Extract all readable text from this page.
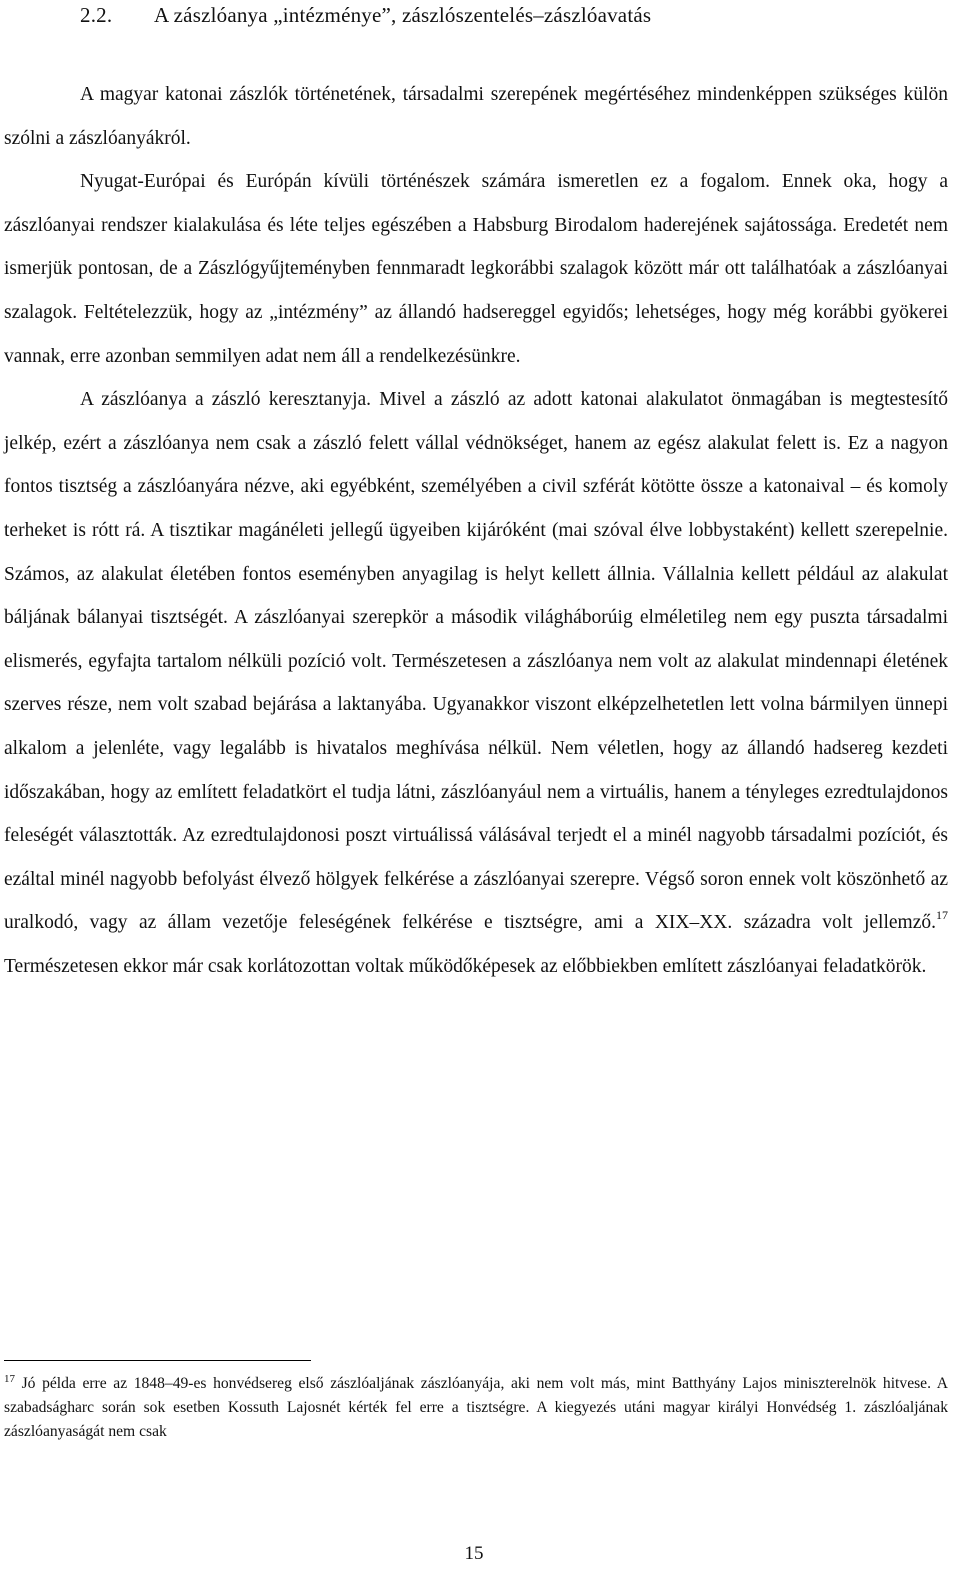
2.2. A zászlóanya „intézménye”, zászlószentelés–zászlóavatás

A magyar katonai zászlók történetének, társadalmi szerepének megértéséhez mindenképpen szükséges külön szólni a zászlóanyákról.

Nyugat-Európai és Európán kívüli történészek számára ismeretlen ez a fogalom. Ennek oka, hogy a zászlóanyai rendszer kialakulása és léte teljes egészében a Habsburg Birodalom haderejének sajátossága. Eredetét nem ismerjük pontosan, de a Zászlógyűjteményben fennmaradt legkorábbi szalagok között már ott találhatóak a zászlóanyai szalagok. Feltételezzük, hogy az „intézmény” az állandó hadsereggel egyidős; lehetséges, hogy még korábbi gyökerei vannak, erre azonban semmilyen adat nem áll a rendelkezésünkre.

A zászlóanya a zászló keresztanyja. Mivel a zászló az adott katonai alakulatot önmagában is megtestesítő jelkép, ezért a zászlóanya nem csak a zászló felett vállal védnökséget, hanem az egész alakulat felett is. Ez a nagyon fontos tisztség a zászlóanyára nézve, aki egyébként, személyében a civil szférát kötötte össze a katonaival – és komoly terheket is rótt rá. A tisztikar magánéleti jellegű ügyeiben kijáróként (mai szóval élve lobbystaként) kellett szerepelnie. Számos, az alakulat életében fontos eseményben anyagilag is helyt kellett állnia. Vállalnia kellett például az alakulat báljának bálanyai tisztségét. A zászlóanyai szerepkör a második világháborúig elméletileg nem egy puszta társadalmi elismerés, egyfajta tartalom nélküli pozíció volt. Természetesen a zászlóanya nem volt az alakulat mindennapi életének szerves része, nem volt szabad bejárása a laktanyába. Ugyanakkor viszont elképzelhetetlen lett volna bármilyen ünnepi alkalom a jelenléte, vagy legalább is hivatalos meghívása nélkül. Nem véletlen, hogy az állandó hadsereg kezdeti időszakában, hogy az említett feladatkört el tudja látni, zászlóanyául nem a virtuális, hanem a tényleges ezredtulajdonos feleségét választották. Az ezredtulajdonosi poszt virtuálissá válásával terjedt el a minél nagyobb társadalmi pozíciót, és ezáltal minél nagyobb befolyást élvező hölgyek felkérése a zászlóanyai szerepre. Végső soron ennek volt köszönhető az uralkodó, vagy az állam vezetője feleségének felkérése e tisztségre, ami a XIX–XX. századra volt jellemző.$^{17}$ Természetesen ekkor már csak korlátozottan voltak működőképesek az előbbiekben említett zászlóanyai feladatkörök.

$^{17}$ Jó példa erre az 1848–49-es honvédsereg első zászlóaljának zászlóanyája, aki nem volt más, mint Batthyány Lajos miniszterelnök hitvese. A szabadságharc során sok esetben Kossuth Lajosnét kérték fel erre a tisztségre. A kiegyezés utáni magyar királyi Honvédség 1. zászlóaljának zászlóanyaságát nem csak
15
